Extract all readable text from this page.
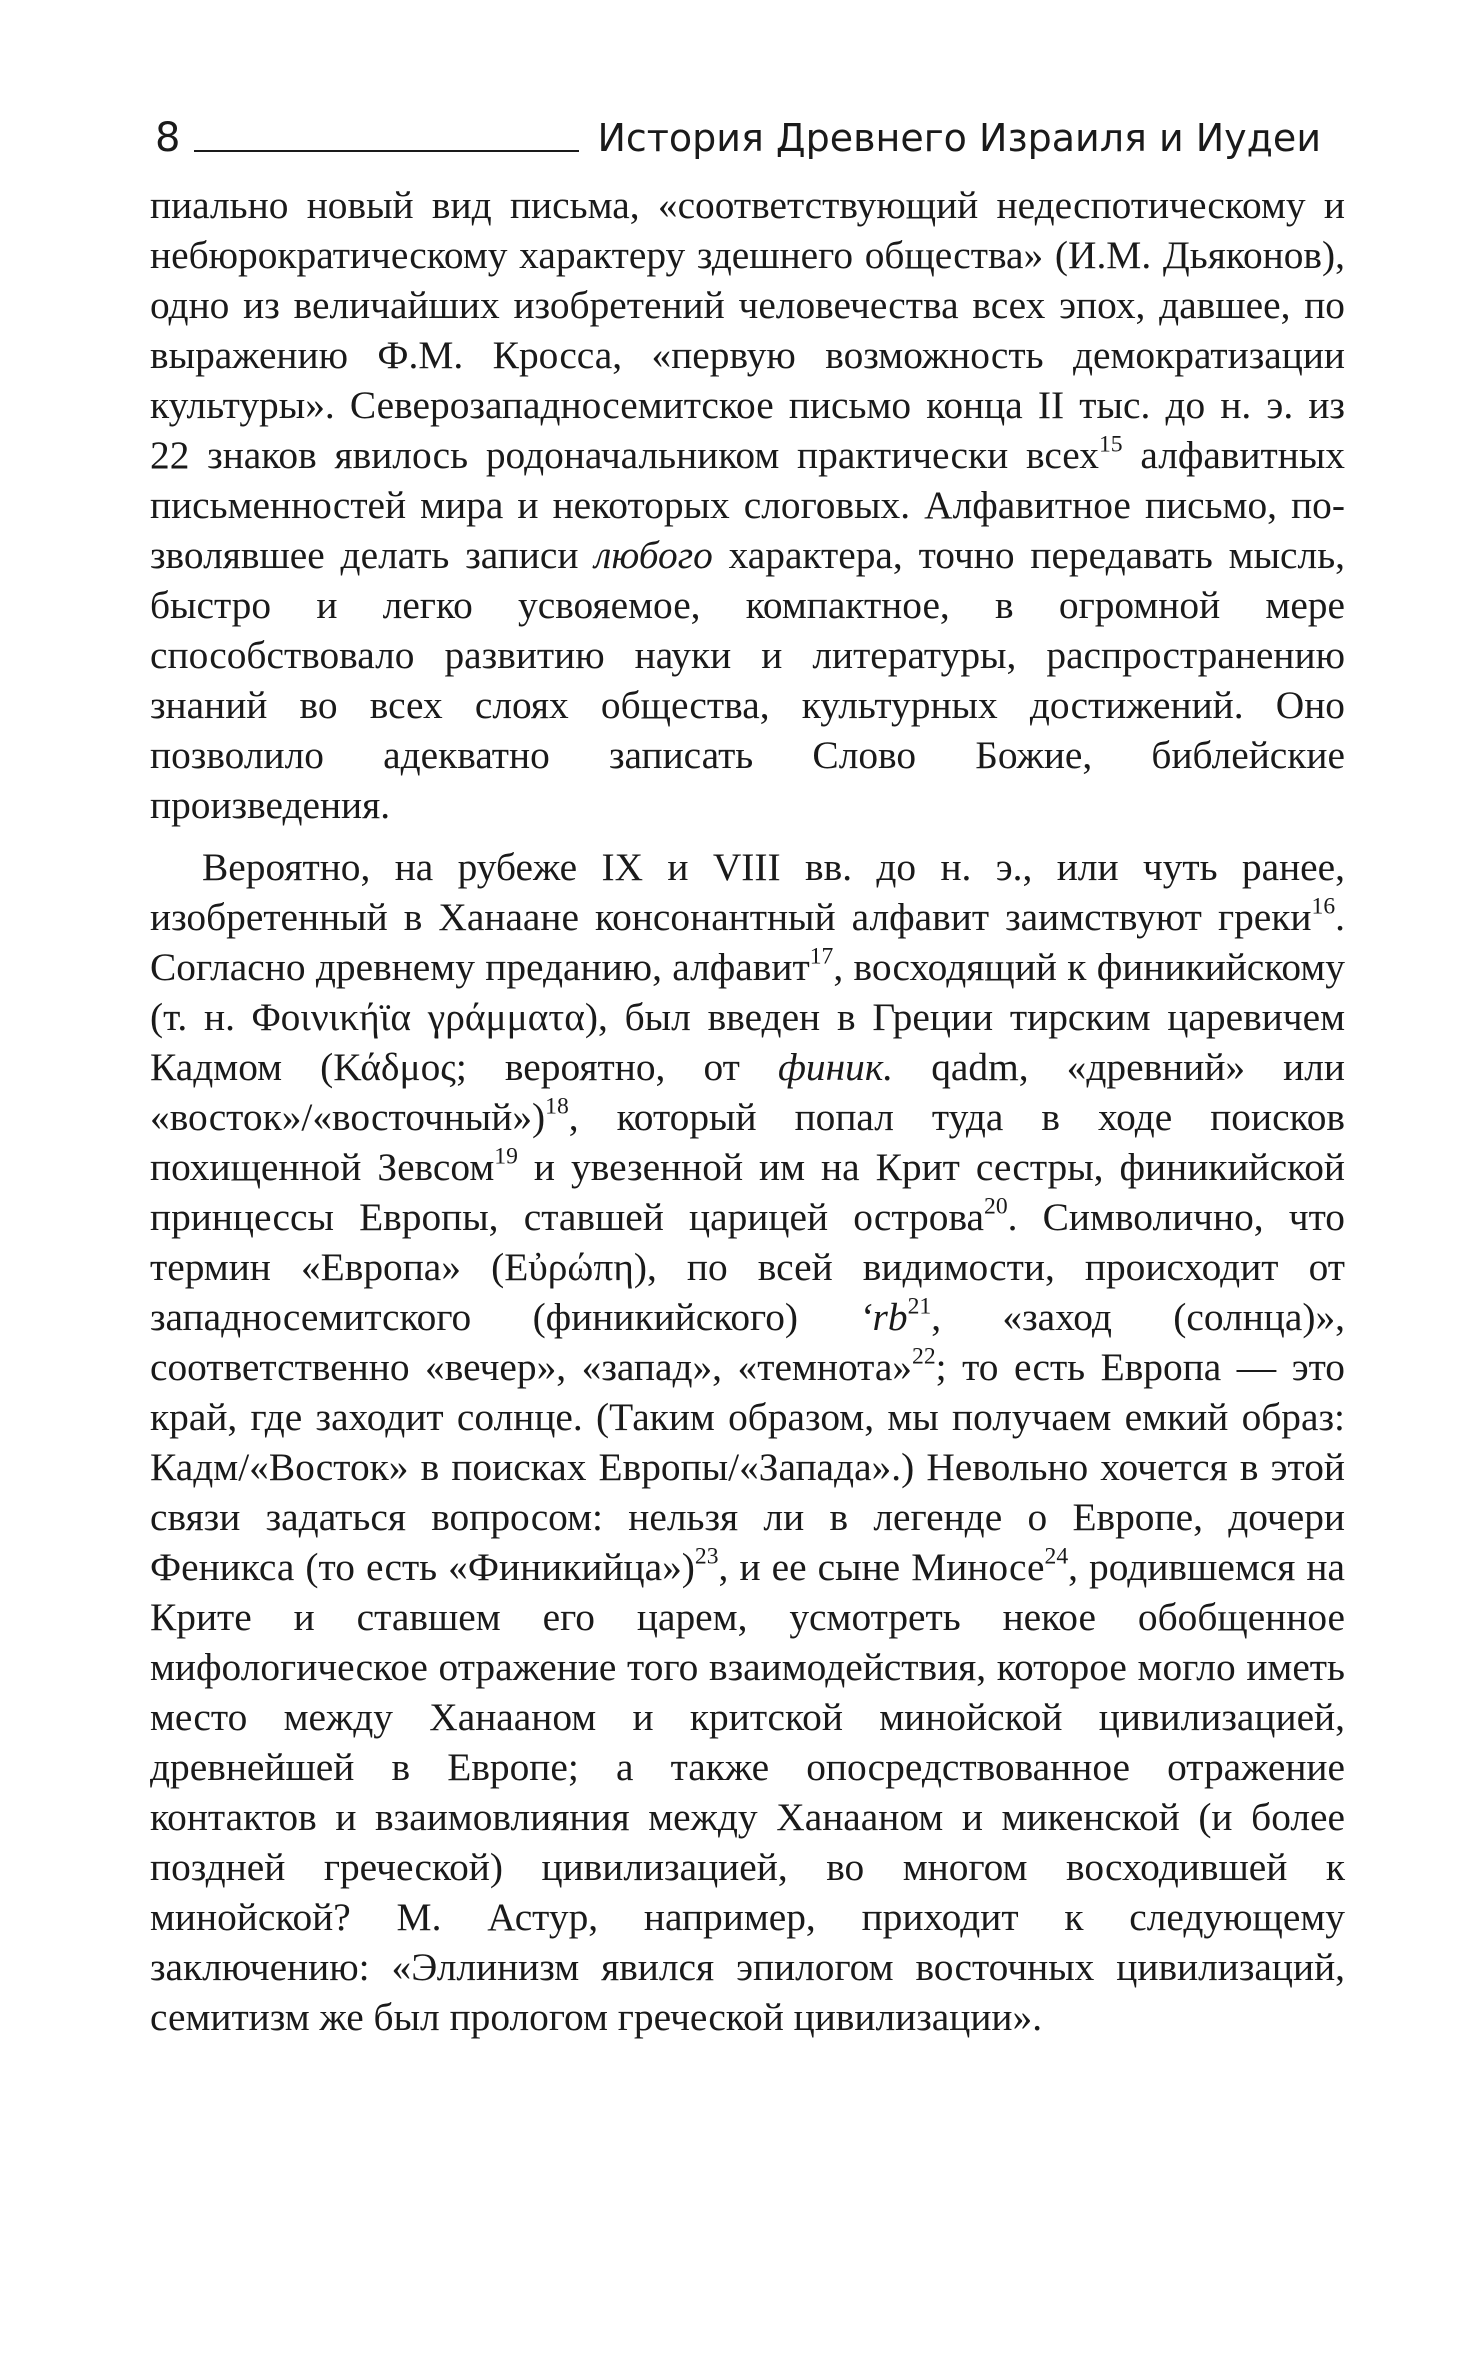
8	История Древнего Израиля и Иудеи

пиально новый вид письма, «соответствующий недеспотическому и небюрократическому характеру здешнего общества» (И.М. Дьяконов), одно из величайших изобретений человечества всех эпох, давшее, по выражению Ф.М. Кросса, «первую возможность демократизации культуры». Северозападносемитское письмо конца II тыс. до н. э. из 22 знаков явилось родоначальником практически всех$^{15}$ алфавитных письменностей мира и некоторых слоговых. Алфавитное письмо, позволявшее делать записи любого характера, точно передавать мысль, быстро и легко усвояемое, компактное, в огромной мере способствовало развитию науки и литературы, распространению знаний во всех слоях общества, культурных достижений. Оно позволило адекватно записать Слово Божие, библейские произведения.

Вероятно, на рубеже IX и VIII вв. до н. э., или чуть ранее, изобретенный в Ханаане консонантный алфавит заимствуют греки$^{16}$. Согласно древнему преданию, алфавит$^{17}$, восходящий к финикийскому (т. н. Φοινικήϊα γράμματα), был введен в Греции тирским царевичем Кадмом (Κάδμος; вероятно, от финик. qadm, «древний» или «восток»/«восточный»)$^{18}$, который попал туда в ходе поисков похищенной Зевсом$^{19}$ и увезенной им на Крит сестры, финикийской принцессы Европы, ставшей царицей острова$^{20}$. Символично, что термин «Европа» (Εὐρώπη), по всей видимости, происходит от западносемитского (финикийского) ʻrb$^{21}$, «заход (солнца)», соответственно «вечер», «запад», «темнота»$^{22}$; то есть Европа — это край, где заходит солнце. (Таким образом, мы получаем емкий образ: Кадм/«Восток» в поисках Европы/«Запада».) Невольно хочется в этой связи задаться вопросом: нельзя ли в легенде о Европе, дочери Феникса (то есть «Финикийца»)$^{23}$, и ее сыне Миносе$^{24}$, родившемся на Крите и ставшем его царем, усмотреть некое обобщенное мифологическое отражение того взаимодействия, которое могло иметь место между Ханааном и критской минойской цивилизацией, древнейшей в Европе; а также опосредствованное отражение контактов и взаимовлияния между Ханааном и микенской (и более поздней греческой) цивилизацией, во многом восходившей к минойской? М. Астур, например, приходит к следующему заключению: «Эллинизм явился эпилогом восточных цивилизаций, семитизм же был прологом греческой цивилизации».
